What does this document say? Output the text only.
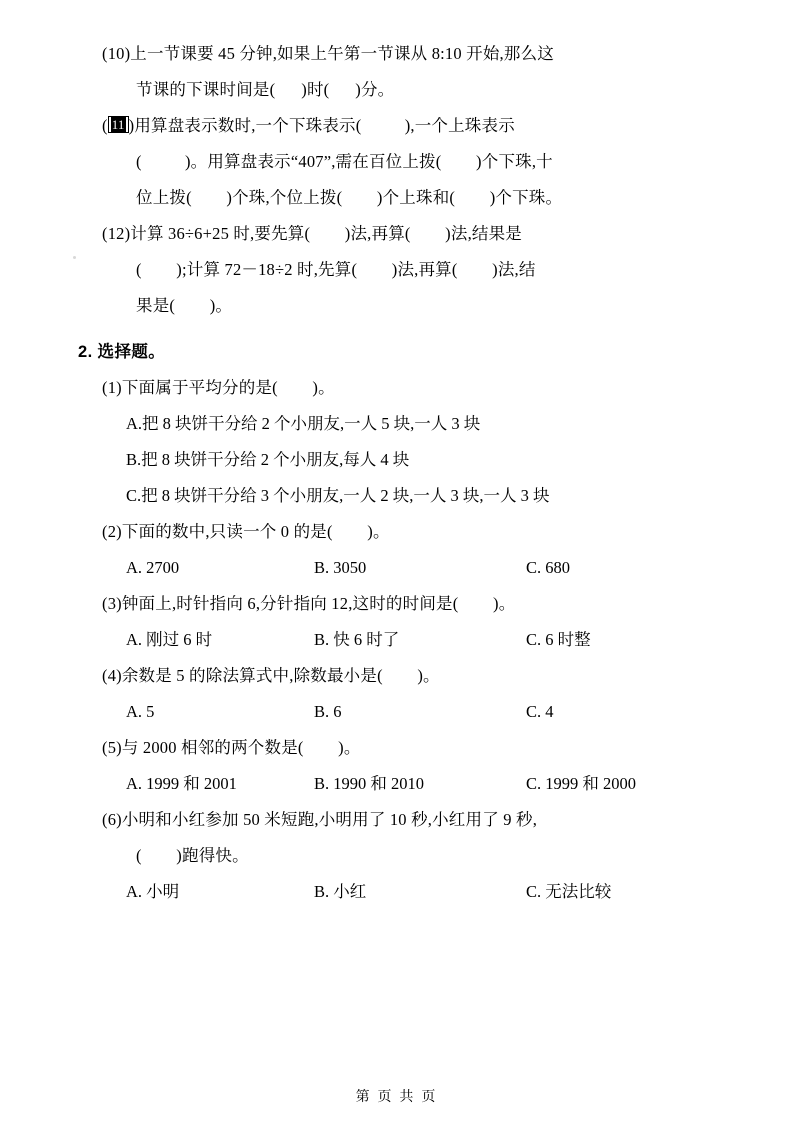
(10)上一节课要 45 分钟,如果上午第一节课从 8:10 开始,那么这
节课的下课时间是(      )时(      )分。
( 11 )用算盘表示数时,一个下珠表示(          ),一个上珠表示
(          )。用算盘表示“407”,需在百位上拨(        )个下珠,十
位上拨(        )个珠,个位上拨(        )个上珠和(        )个下珠。
(12)计算 36÷6+25 时,要先算(        )法,再算(        )法,结果是
(        );计算 72－18÷2 时,先算(        )法,再算(        )法,结
果是(        )。
2. 选择题。
(1)下面属于平均分的是(        )。
A.把 8 块饼干分给 2 个小朋友,一人 5 块,一人 3 块
B.把 8 块饼干分给 2 个小朋友,每人 4 块
C.把 8 块饼干分给 3 个小朋友,一人 2 块,一人 3 块,一人 3 块
(2)下面的数中,只读一个 0 的是(        )。
A. 2700	B. 3050	C. 680
(3)钟面上,时针指向 6,分针指向 12,这时的时间是(        )。
A. 刚过 6 时	B. 快 6 时了	C. 6 时整
(4)余数是 5 的除法算式中,除数最小是(        )。
A. 5	B. 6	C. 4
(5)与 2000 相邻的两个数是(        )。
A. 1999 和 2001	B. 1990 和 2010	C. 1999 和 2000
(6)小明和小红参加 50 米短跑,小明用了 10 秒,小红用了 9 秒,
(        )跑得快。
A. 小明	B. 小红	C. 无法比较
第 页 共 页
